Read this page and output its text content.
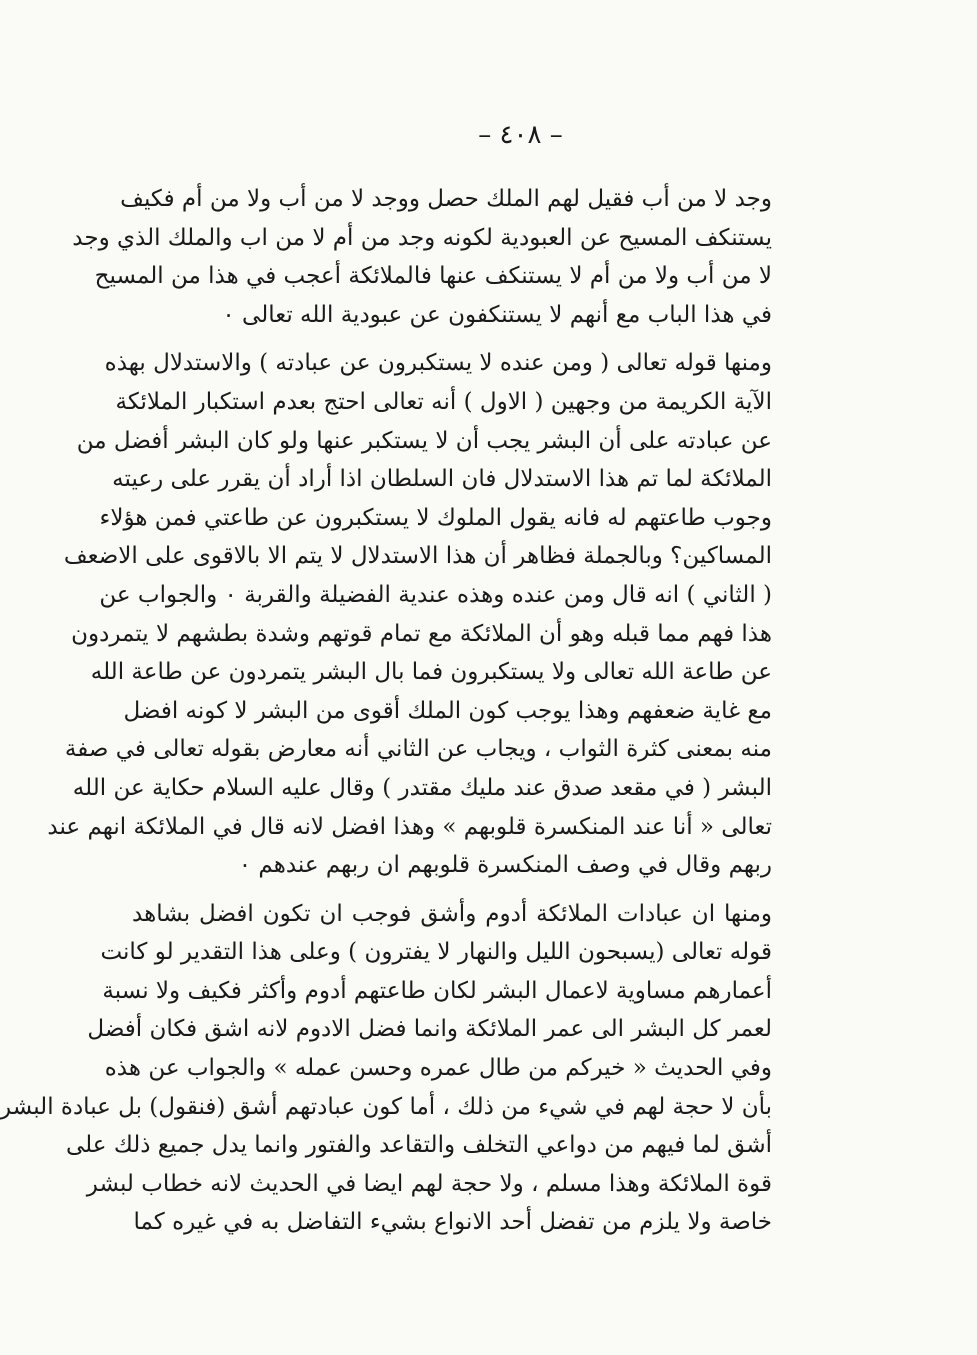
– ٤٠٨ –
وجد لا من أب فقيل لهم الملك حصل ووجد لا من أب ولا من أم فكيف
يستنكف المسيح عن العبودية لكونه وجد من أم لا من اب والملك الذي وجد
لا من أب ولا من أم لا يستنكف عنها فالملائكة أعجب في هذا من المسيح
في هذا الباب مع أنهم لا يستنكفون عن عبودية الله تعالى ٠
ومنها قوله تعالى ( ومن عنده لا يستكبرون عن عبادته ) والاستدلال بهذه
الآية الكريمة من وجهين ( الاول ) أنه تعالى احتج بعدم استكبار الملائكة
عن عبادته على أن البشر يجب أن لا يستكبر عنها ولو كان البشر أفضل من
الملائكة لما تم هذا الاستدلال فان السلطان اذا أراد أن يقرر على رعيته
وجوب طاعتهم له فانه يقول الملوك لا يستكبرون عن طاعتي فمن هؤلاء
المساكين؟ وبالجملة فظاهر أن هذا الاستدلال لا يتم الا بالاقوى على الاضعف
( الثاني ) انه قال ومن عنده وهذه عندية الفضيلة والقربة ٠ والجواب عن
هذا فهم مما قبله وهو أن الملائكة مع تمام قوتهم وشدة بطشهم لا يتمردون
عن طاعة الله تعالى ولا يستكبرون فما بال البشر يتمردون عن طاعة الله
مع غاية ضعفهم وهذا يوجب كون الملك أقوى من البشر لا كونه افضل
منه بمعنى كثرة الثواب ، ويجاب عن الثاني أنه معارض بقوله تعالى في صفة
البشر ( في مقعد صدق عند مليك مقتدر ) وقال عليه السلام حكاية عن الله
تعالى « أنا عند المنكسرة قلوبهم » وهذا افضل لانه قال في الملائكة انهم عند
ربهم وقال في وصف المنكسرة قلوبهم ان ربهم عندهم ٠
ومنها ان عبادات الملائكة أدوم وأشق فوجب ان تكون افضل بشاهد
قوله تعالى (يسبحون الليل والنهار لا يفترون ) وعلى هذا التقدير لو كانت
أعمارهم مساوية لاعمال البشر لكان طاعتهم أدوم وأكثر فكيف ولا نسبة
لعمر كل البشر الى عمر الملائكة وانما فضل الادوم لانه اشق فكان أفضل
وفي الحديث « خيركم من طال عمره وحسن عمله » والجواب عن هذه
بأن لا حجة لهم في شيء من ذلك ، أما كون عبادتهم أشق (فنقول) بل عبادة البشر
أشق لما فيهم من دواعي التخلف والتقاعد والفتور وانما يدل جميع ذلك على
قوة الملائكة وهذا مسلم ، ولا حجة لهم ايضا في الحديث لانه خطاب لبشر
خاصة ولا يلزم من تفضل أحد الانواع بشيء التفاضل به في غيره كما
